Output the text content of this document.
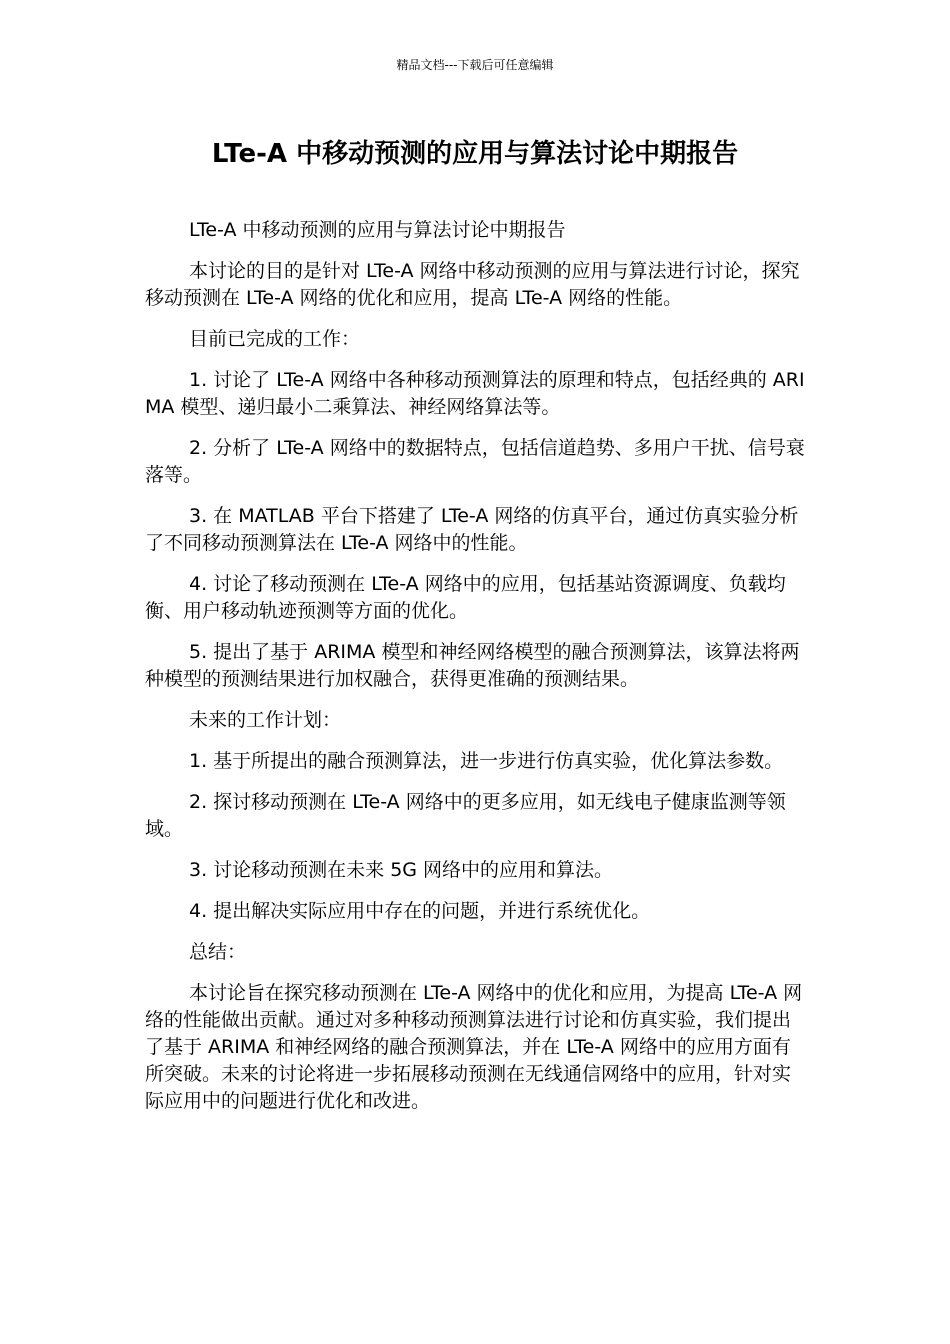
精品文档---下载后可任意编辑
LTe-A 中移动预测的应用与算法讨论中期报告

LTe-A 中移动预测的应用与算法讨论中期报告

本讨论的目的是针对 LTe-A 网络中移动预测的应用与算法进行讨论，探究移动预测在 LTe-A 网络的优化和应用，提高 LTe-A 网络的性能。

目前已完成的工作：

1. 讨论了 LTe-A 网络中各种移动预测算法的原理和特点，包括经典的 ARIMA 模型、递归最小二乘算法、神经网络算法等。

2. 分析了 LTe-A 网络中的数据特点，包括信道趋势、多用户干扰、信号衰落等。

3. 在 MATLAB 平台下搭建了 LTe-A 网络的仿真平台，通过仿真实验分析了不同移动预测算法在 LTe-A 网络中的性能。

4. 讨论了移动预测在 LTe-A 网络中的应用，包括基站资源调度、负载均衡、用户移动轨迹预测等方面的优化。

5. 提出了基于 ARIMA 模型和神经网络模型的融合预测算法，该算法将两种模型的预测结果进行加权融合，获得更准确的预测结果。

未来的工作计划：

1. 基于所提出的融合预测算法，进一步进行仿真实验，优化算法参数。

2. 探讨移动预测在 LTe-A 网络中的更多应用，如无线电子健康监测等领域。

3. 讨论移动预测在未来 5G 网络中的应用和算法。

4. 提出解决实际应用中存在的问题，并进行系统优化。

总结：

本讨论旨在探究移动预测在 LTe-A 网络中的优化和应用，为提高 LTe-A 网络的性能做出贡献。通过对多种移动预测算法进行讨论和仿真实验，我们提出了基于 ARIMA 和神经网络的融合预测算法，并在 LTe-A 网络中的应用方面有所突破。未来的讨论将进一步拓展移动预测在无线通信网络中的应用，针对实际应用中的问题进行优化和改进。
